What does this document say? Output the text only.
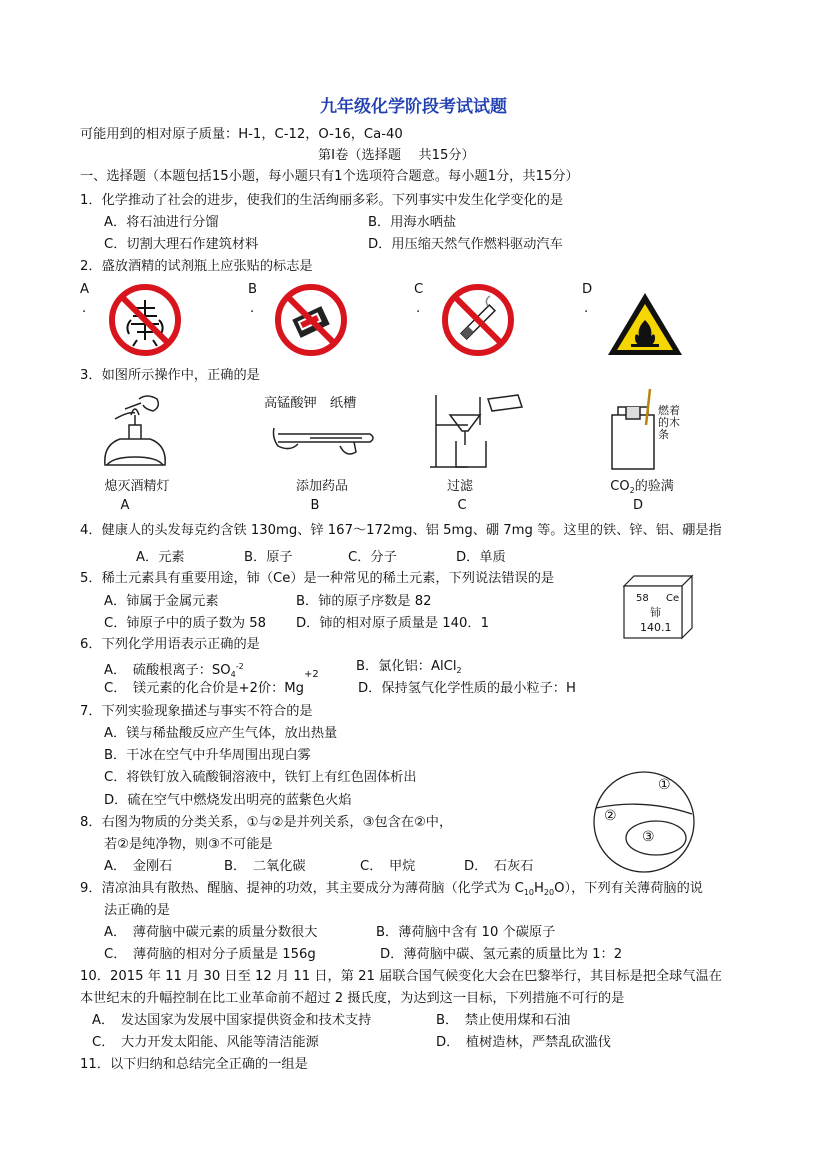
九年级化学阶段考试试题
可能用到的相对原子质量：H-1，C-12，O-16，Ca-40
第Ⅰ卷（选择题　 共15分）
一、选择题（本题包括15小题，每小题只有1个选项符合题意。每小题1分，共15分）
1．化学推动了社会的进步，使我们的生活绚丽多彩。下列事实中发生化学变化的是
A．将石油进行分馏	B．用海水晒盐
C．切割大理石作建筑材料	D．用压缩天然气作燃料驱动汽车
2．盛放酒精的试剂瓶上应张贴的标志是
A
.
B
.
C
.
D
.
3．如图所示操作中，正确的是
高锰酸钾　纸槽	燃着的木条
熄灭酒精灯	添加药品	过滤	$CO_2$的验满
A	B	C	D
4．健康人的头发每克约含铁 130mg、锌 167～172mg、铝 5mg、硼 7mg 等。这里的铁、锌、铝、硼是指
A．元素	B．原子	C．分子	D．单质
5．稀土元素具有重要用途，铈（Ce）是一种常见的稀土元素，下列说法错误的是
A．铈属于金属元素	B．铈的原子序数是 82
C．铈原子中的质子数为 58 D．铈的相对原子质量是 140．1
58 Ce
铈
140.1
6．下列化学用语表示正确的是
A．　硫酸根离子：$SO_4^{-2}$	B．氯化铝：AlCl$_2$
+2
C．　镁元素的化合价是+2价：Mg	D．保持氢气化学性质的最小粒子：H
7．下列实验现象描述与事实不符合的是
A．镁与稀盐酸反应产生气体，放出热量
B．干冰在空气中升华周围出现白雾
C．将铁钉放入硫酸铜溶液中，铁钉上有红色固体析出
D．硫在空气中燃烧发出明亮的蓝紫色火焰
①
②
③
8．右图为物质的分类关系，①与②是并列关系，③包含在②中，
若②是纯净物，则③不可能是
A．　金刚石	B．　二氧化碳	C．　甲烷	D．　石灰石
9．清凉油具有散热、醒脑、提神的功效，其主要成分为薄荷脑（化学式为 $C_{10}H_{20}O$），下列有关薄荷脑的说
法正确的是
A．　薄荷脑中碳元素的质量分数很大	B．薄荷脑中含有 10 个碳原子
C．　薄荷脑的相对分子质量是 156g	D．薄荷脑中碳、氢元素的质量比为 1：2
10．2015 年 11 月 30 日至 12 月 11 日，第 21 届联合国气候变化大会在巴黎举行，其目标是把全球气温在
本世纪末的升幅控制在比工业革命前不超过 2 摄氏度，为达到这一目标，下列措施不可行的是
A．　发达国家为发展中国家提供资金和技术支持	B．　禁止使用煤和石油
C．　大力开发太阳能、风能等清洁能源	D．　植树造林，严禁乱砍滥伐
11．以下归纳和总结完全正确的一组是
